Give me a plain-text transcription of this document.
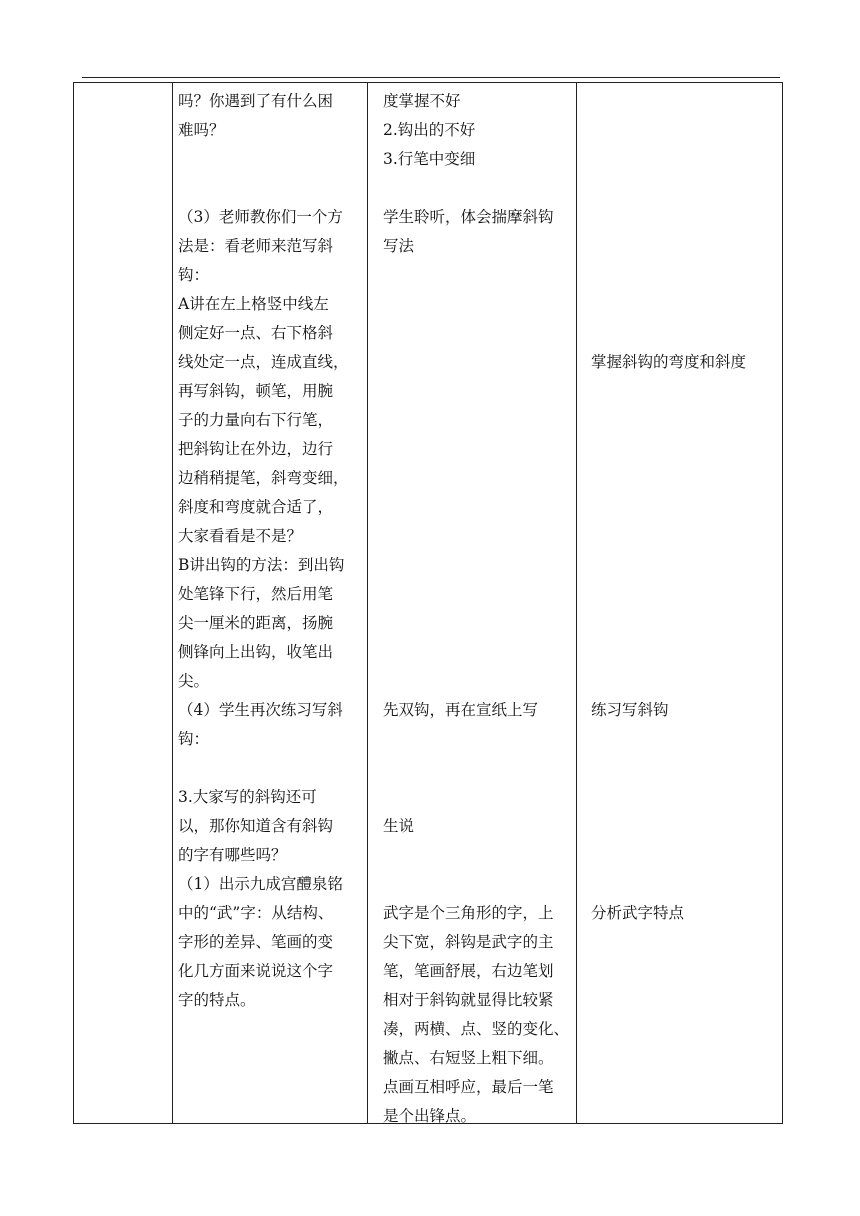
吗？你遇到了有什么困
难吗？
（3）老师教你们一个方
法是：看老师来范写斜
钩：
A讲在左上格竖中线左
侧定好一点、右下格斜
线处定一点，连成直线，
再写斜钩，顿笔，用腕
子的力量向右下行笔，
把斜钩让在外边，边行
边稍稍提笔，斜弯变细，
斜度和弯度就合适了，
大家看看是不是？
B讲出钩的方法：到出钩
处笔锋下行，然后用笔
尖一厘米的距离，扬腕
侧锋向上出钩，收笔出
尖。
（4）学生再次练习写斜
钩：
3.大家写的斜钩还可
以，那你知道含有斜钩
的字有哪些吗？
（1）出示九成宫醴泉铭
中的“武”字：从结构、
字形的差异、笔画的变
化几方面来说说这个字
字的特点。
度掌握不好
2.钩出的不好
3.行笔中变细
学生聆听，体会揣摩斜钩
写法
先双钩，再在宣纸上写
生说
武字是个三角形的字，上
尖下宽，斜钩是武字的主
笔，笔画舒展，右边笔划
相对于斜钩就显得比较紧
凑，两横、点、竖的变化、
撇点、右短竖上粗下细。
点画互相呼应，最后一笔
是个出锋点。
掌握斜钩的弯度和斜度
练习写斜钩
分析武字特点
